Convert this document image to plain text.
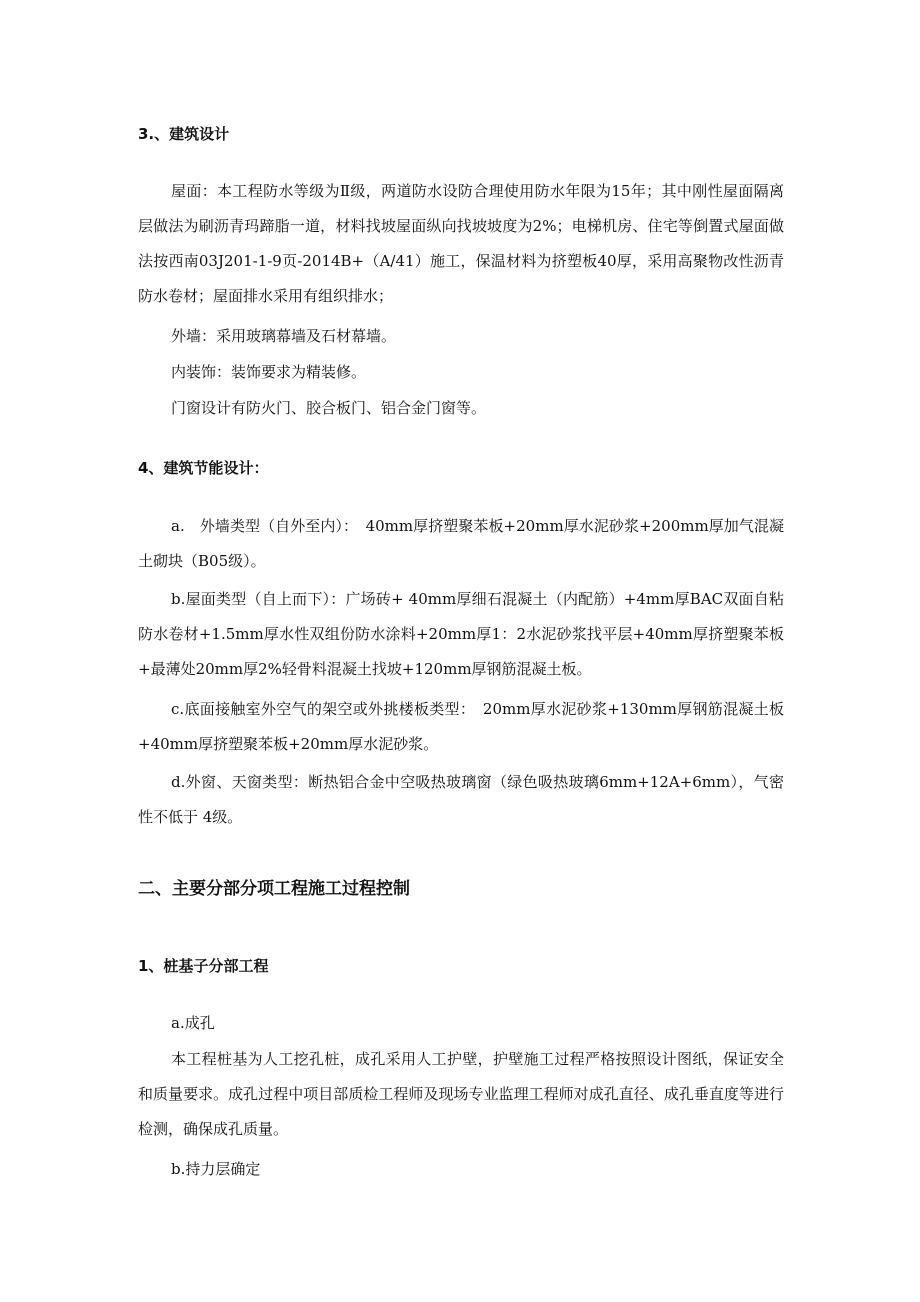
3.、建筑设计
屋面：本工程防水等级为Ⅱ级，两道防水设防合理使用防水年限为15年；其中刚性屋面隔离层做法为刷沥青玛蹄脂一道，材料找坡屋面纵向找坡坡度为2%；电梯机房、住宅等倒置式屋面做法按西南03J201-1-9页-2014B+（A/41）施工，保温材料为挤塑板40厚，采用高聚物改性沥青防水卷材；屋面排水采用有组织排水；
外墙：采用玻璃幕墙及石材幕墙。
内装饰：装饰要求为精装修。
门窗设计有防火门、胶合板门、铝合金门窗等。
4、建筑节能设计：
a.　外墙类型（自外至内）：　40mm厚挤塑聚苯板+20mm厚水泥砂浆+200mm厚加气混凝土砌块（B05级）。
b.屋面类型（自上而下）：广场砖+ 40mm厚细石混凝土（内配筋）+4mm厚BAC双面自粘防水卷材+1.5mm厚水性双组份防水涂料+20mm厚1：2水泥砂浆找平层+40mm厚挤塑聚苯板+最薄处20mm厚2%轻骨料混凝土找坡+120mm厚钢筋混凝土板。
c.底面接触室外空气的架空或外挑楼板类型：　20mm厚水泥砂浆+130mm厚钢筋混凝土板+40mm厚挤塑聚苯板+20mm厚水泥砂浆。
d.外窗、天窗类型：断热铝合金中空吸热玻璃窗（绿色吸热玻璃6mm+12A+6mm），气密性不低于 4级。
二、主要分部分项工程施工过程控制
1、桩基子分部工程
a.成孔
本工程桩基为人工挖孔桩，成孔采用人工护壁，护壁施工过程严格按照设计图纸，保证安全和质量要求。成孔过程中项目部质检工程师及现场专业监理工程师对成孔直径、成孔垂直度等进行检测，确保成孔质量。
b.持力层确定
